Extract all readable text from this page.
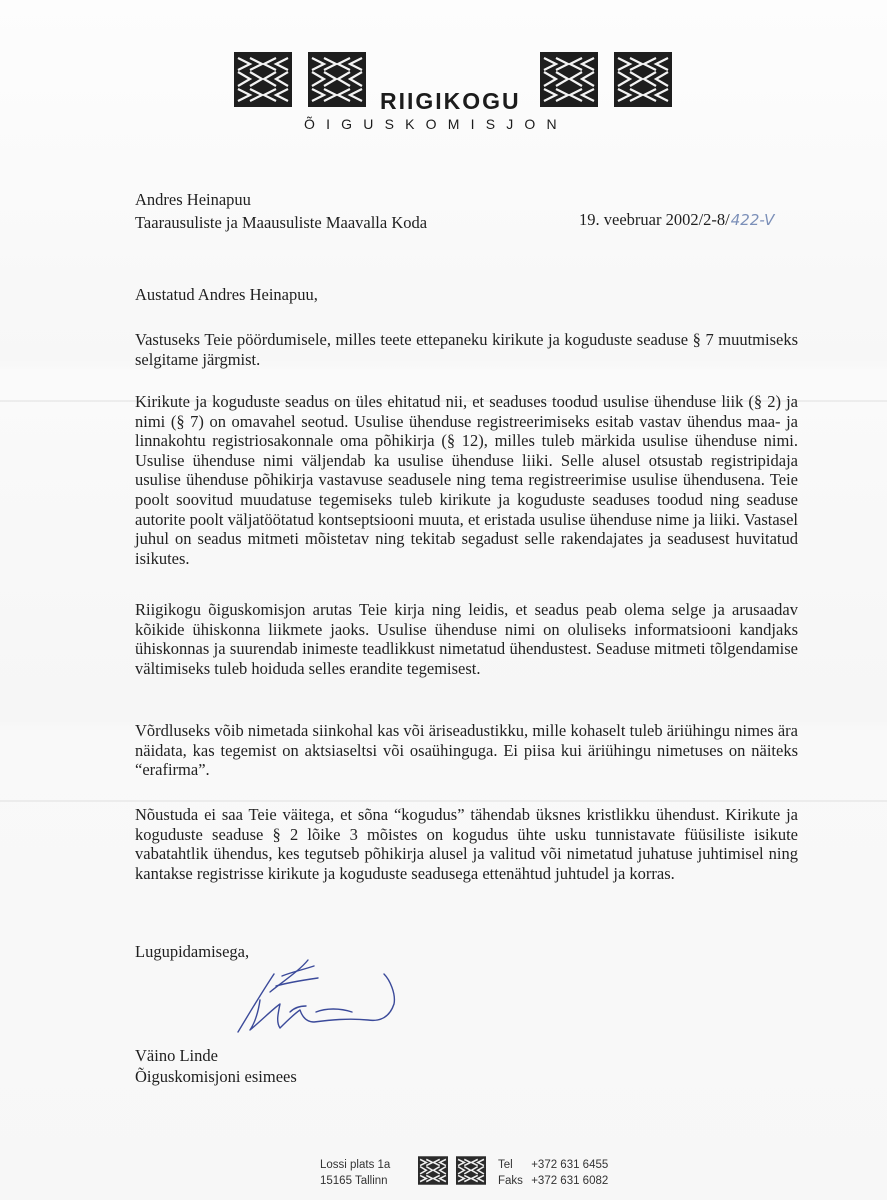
RIIGIKOGU
ÕIGUSKOMISJON
Andres Heinapuu
Taarausuliste ja Maausuliste Maavalla Koda	19. veebruar 2002/2-8/422-V
Austatud Andres Heinapuu,
Vastuseks Teie pöördumisele, milles teete ettepaneku kirikute ja koguduste seaduse § 7 muutmiseks selgitame järgmist.
Kirikute ja koguduste seadus on üles ehitatud nii, et seaduses toodud usulise ühenduse liik (§ 2) ja nimi (§ 7) on omavahel seotud. Usulise ühenduse registreerimiseks esitab vastav ühendus maa- ja linnakohtu registriosakonnale oma põhikirja (§ 12), milles tuleb märkida usulise ühenduse nimi. Usulise ühenduse nimi väljendab ka usulise ühenduse liiki. Selle alusel otsustab registripidaja usulise ühenduse põhikirja vastavuse seadusele ning tema registreerimise usulise ühendusena. Teie poolt soovitud muudatuse tegemiseks tuleb kirikute ja koguduste seaduses toodud ning seaduse autorite poolt väljatöötatud kontseptsiooni muuta, et eristada usulise ühenduse nime ja liiki. Vastasel juhul on seadus mitmeti mõistetav ning tekitab segadust selle rakendajates ja seadusest huvitatud isikutes.
Riigikogu õiguskomisjon arutas Teie kirja ning leidis, et seadus peab olema selge ja arusaadav kõikide ühiskonna liikmete jaoks. Usulise ühenduse nimi on oluliseks informatsiooni kandjaks ühiskonnas ja suurendab inimeste teadlikkust nimetatud ühendustest. Seaduse mitmeti tõlgendamise vältimiseks tuleb hoiduda selles erandite tegemisest.
Võrdluseks võib nimetada siinkohal kas või äriseadustikku, mille kohaselt tuleb äriühingu nimes ära näidata, kas tegemist on aktsiaseltsi või osaühinguga. Ei piisa kui äriühingu nimetuses on näiteks “erafirma”.
Nõustuda ei saa Teie väitega, et sõna “kogudus” tähendab üksnes kristlikku ühendust. Kirikute ja koguduste seaduse § 2 lõike 3 mõistes on kogudus ühte usku tunnistavate füüsiliste isikute vabatahtlik ühendus, kes tegutseb põhikirja alusel ja valitud või nimetatud juhatuse juhtimisel ning kantakse registrisse kirikute ja koguduste seadusega ettenähtud juhtudel ja korras.
Lugupidamisega,
Väino Linde
Õiguskomisjoni esimees
Lossi plats 1a
15165 Tallinn
Tel +372 631 6455
Faks +372 631 6082
